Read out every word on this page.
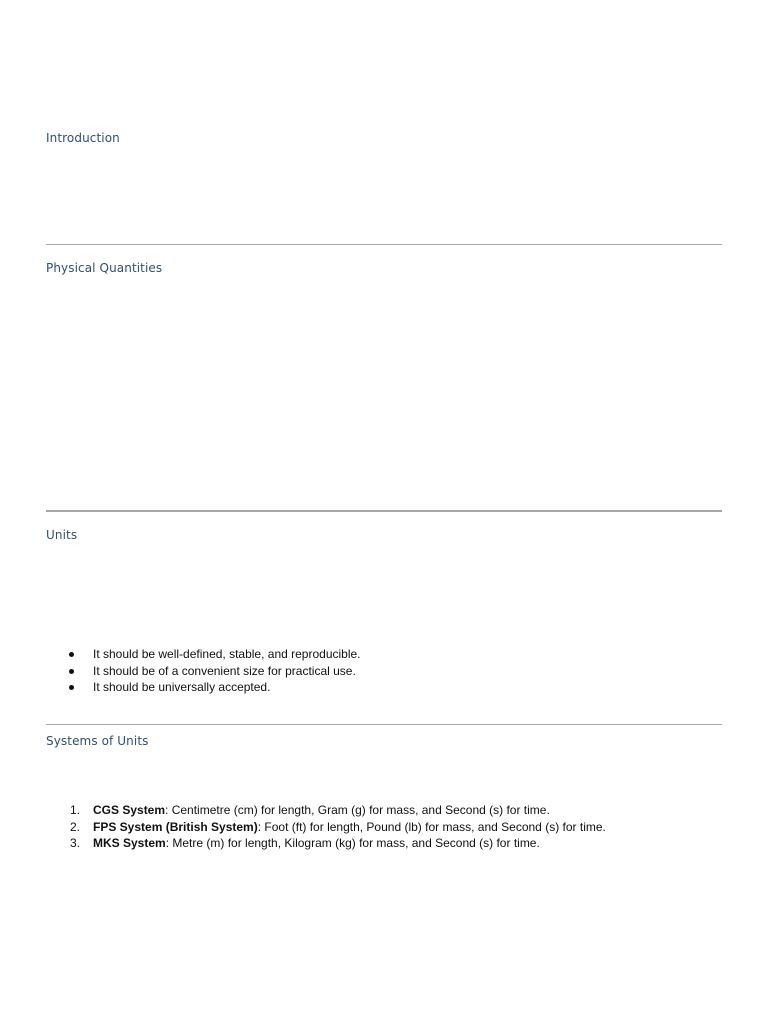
Introduction
Physical Quantities
Units
It should be well-defined, stable, and reproducible.
It should be of a convenient size for practical use.
It should be universally accepted.
Systems of Units
1.	CGS System: Centimetre (cm) for length, Gram (g) for mass, and Second (s) for time.
2.	FPS System (British System): Foot (ft) for length, Pound (lb) for mass, and Second (s) for time.
3.	MKS System: Metre (m) for length, Kilogram (kg) for mass, and Second (s) for time.
